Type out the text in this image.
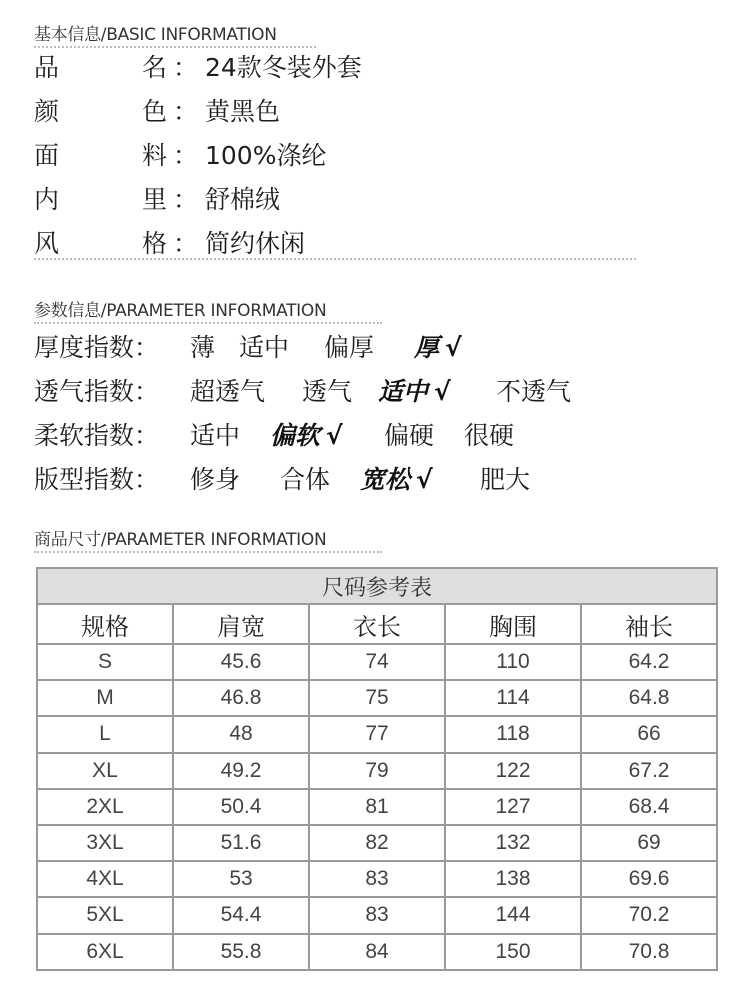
基本信息/BASIC INFORMATION
品	名 ： 24款冬装外套
颜	色 ： 黄黑色
面	料 ： 100%涤纶
内	里 ： 舒棉绒
风	格 ： 简约休闲
参数信息/PARAMETER INFORMATION
厚度指数： 薄 适中 偏厚 厚 √
透气指数： 超透气 透气 适中 √ 不透气
柔软指数： 适中 偏软 √ 偏硬 很硬
版型指数： 修身 合体 宽松 √ 肥大
商品尺寸/PARAMETER INFORMATION
尺码参考表				
规格	肩宽	衣长	胸围	袖长
S	45.6	74	110	64.2
M	46.8	75	114	64.8
L	48	77	118	66
XL	49.2	79	122	67.2
2XL	50.4	81	127	68.4
3XL	51.6	82	132	69
4XL	53	83	138	69.6
5XL	54.4	83	144	70.2
6XL	55.8	84	150	70.8
